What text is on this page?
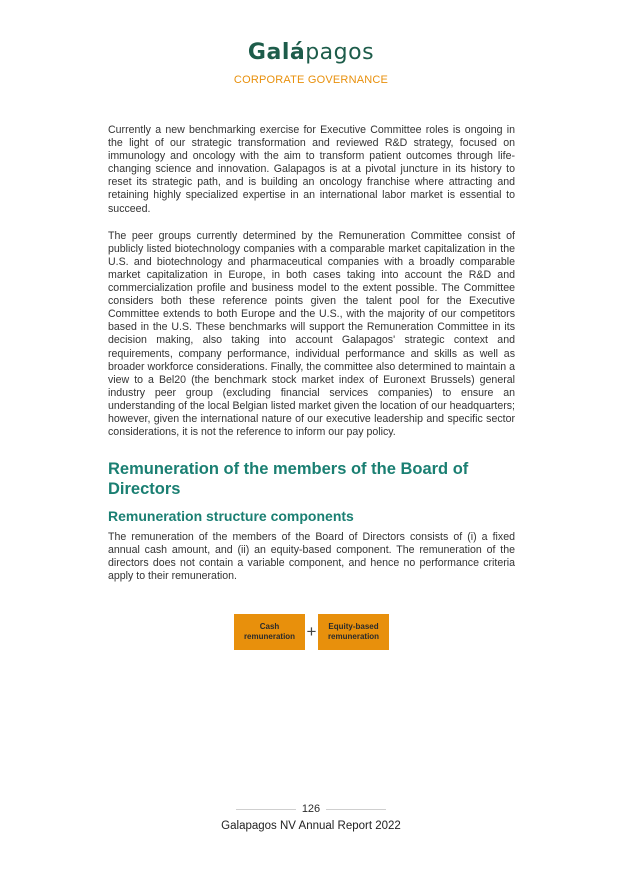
Galápagos
CORPORATE GOVERNANCE

Currently a new benchmarking exercise for Executive Committee roles is ongoing in the light of our strategic transformation and reviewed R&D strategy, focused on immunology and oncology with the aim to transform patient outcomes through life-changing science and innovation. Galapagos is at a pivotal juncture in its history to reset its strategic path, and is building an oncology franchise where attracting and retaining highly specialized expertise in an international labor market is essential to succeed.

The peer groups currently determined by the Remuneration Committee consist of publicly listed biotechnology companies with a comparable market capitalization in the U.S. and biotechnology and pharmaceutical companies with a broadly comparable market capitalization in Europe, in both cases taking into account the R&D and commercialization profile and business model to the extent possible. The Committee considers both these reference points given the talent pool for the Executive Committee extends to both Europe and the U.S., with the majority of our competitors based in the U.S. These benchmarks will support the Remuneration Committee in its decision making, also taking into account Galapagos' strategic context and requirements, company performance, individual performance and skills as well as broader workforce considerations. Finally, the committee also determined to maintain a view to a Bel20 (the benchmark stock market index of Euronext Brussels) general industry peer group (excluding financial services companies) to ensure an understanding of the local Belgian listed market given the location of our headquarters; however, given the international nature of our executive leadership and specific sector considerations, it is not the reference to inform our pay policy.

Remuneration of the members of the Board of Directors
Remuneration structure components

The remuneration of the members of the Board of Directors consists of (i) a fixed annual cash amount, and (ii) an equity-based component. The remuneration of the directors does not contain a variable component, and hence no performance criteria apply to their remuneration.

Cash remuneration +	Equity-based remuneration
126
Galapagos NV Annual Report 2022
